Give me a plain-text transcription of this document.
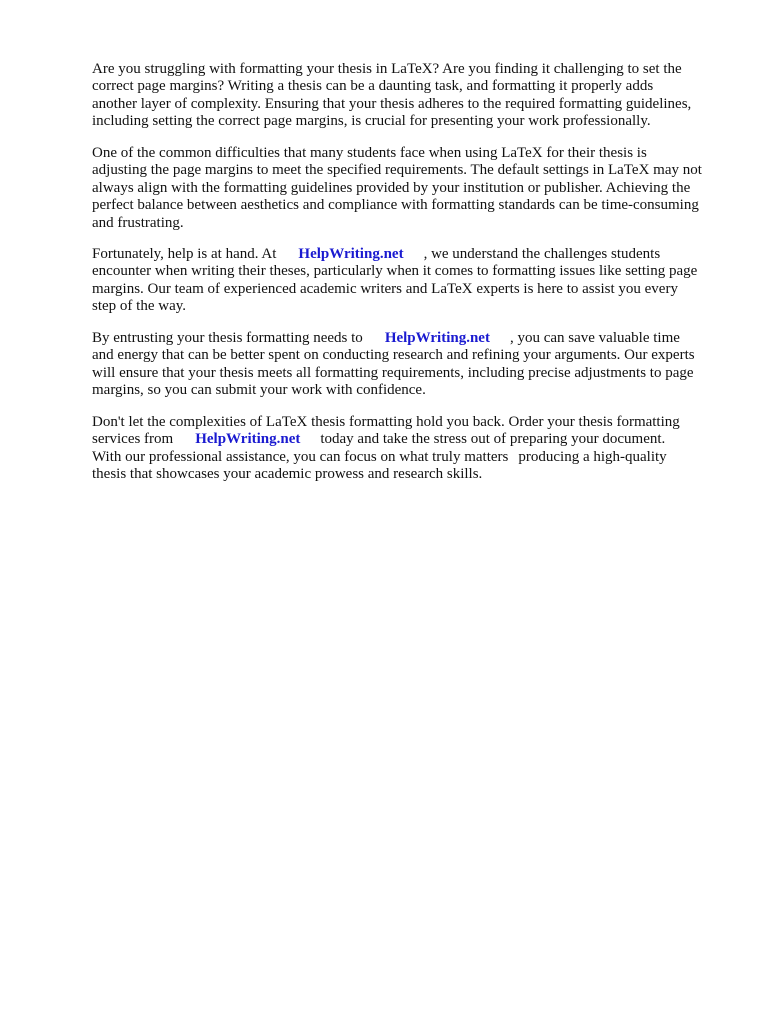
Are you struggling with formatting your thesis in LaTeX? Are you finding it challenging to set the
correct page margins? Writing a thesis can be a daunting task, and formatting it properly adds
another layer of complexity. Ensuring that your thesis adheres to the required formatting guidelines,
including setting the correct page margins, is crucial for presenting your work professionally.
One of the common difficulties that many students face when using LaTeX for their thesis is
adjusting the page margins to meet the specified requirements. The default settings in LaTeX may not
always align with the formatting guidelines provided by your institution or publisher. Achieving the
perfect balance between aesthetics and compliance with formatting standards can be time-consuming
and frustrating.
Fortunately, help is at hand. At HelpWriting.net , we understand the challenges students
encounter when writing their theses, particularly when it comes to formatting issues like setting page
margins. Our team of experienced academic writers and LaTeX experts is here to assist you every
step of the way.
By entrusting your thesis formatting needs to HelpWriting.net , you can save valuable time
and energy that can be better spent on conducting research and refining your arguments. Our experts
will ensure that your thesis meets all formatting requirements, including precise adjustments to page
margins, so you can submit your work with confidence.
Don't let the complexities of LaTeX thesis formatting hold you back. Order your thesis formatting
services from HelpWriting.net today and take the stress out of preparing your document.
With our professional assistance, you can focus on what truly matters producing a high-quality
thesis that showcases your academic prowess and research skills.
